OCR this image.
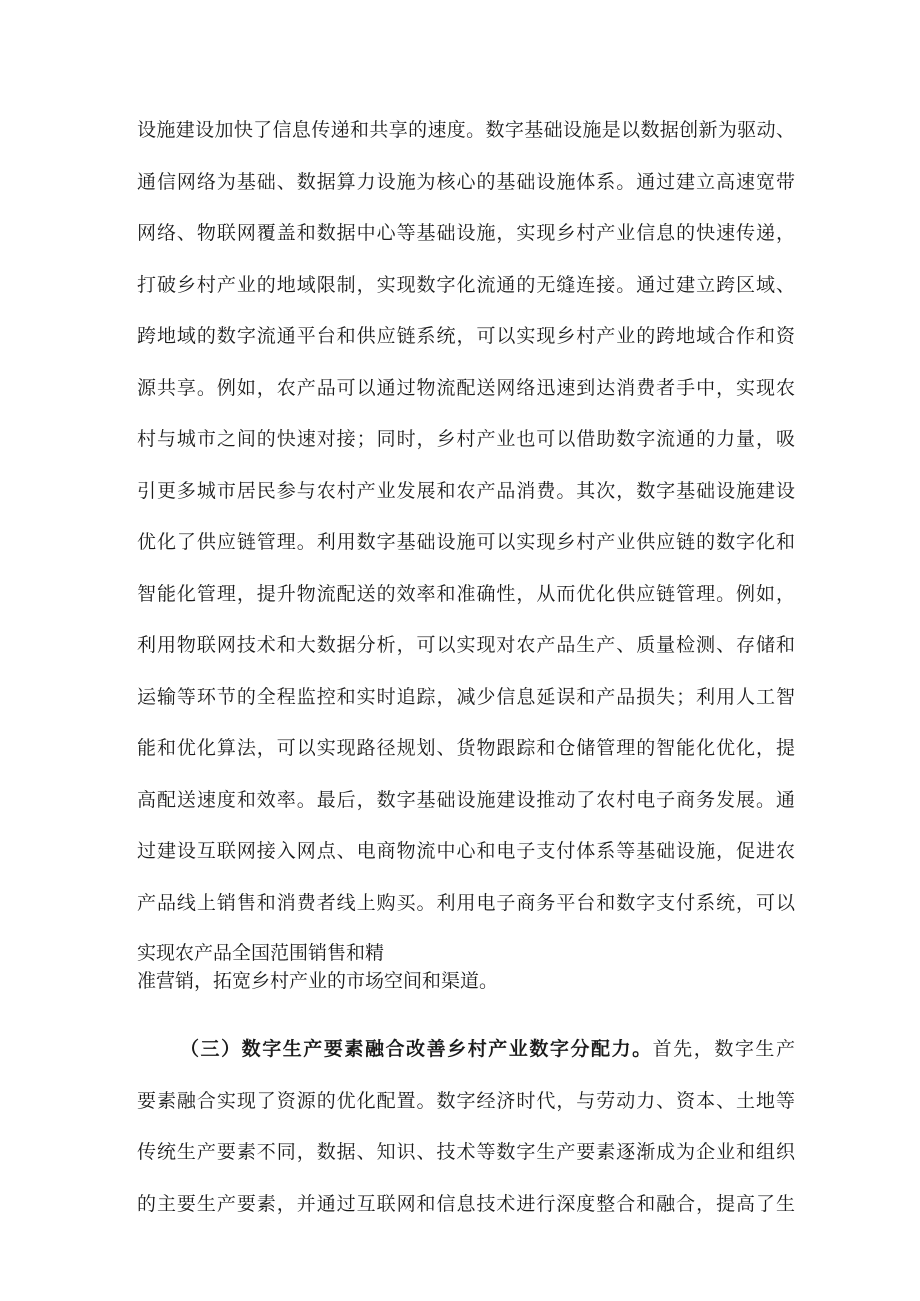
设施建设加快了信息传递和共享的速度。数字基础设施是以数据创新为驱动、
通信网络为基础、数据算力设施为核心的基础设施体系。通过建立高速宽带
网络、物联网覆盖和数据中心等基础设施，实现乡村产业信息的快速传递，
打破乡村产业的地域限制，实现数字化流通的无缝连接。通过建立跨区域、
跨地域的数字流通平台和供应链系统，可以实现乡村产业的跨地域合作和资
源共享。例如，农产品可以通过物流配送网络迅速到达消费者手中，实现农
村与城市之间的快速对接；同时，乡村产业也可以借助数字流通的力量，吸
引更多城市居民参与农村产业发展和农产品消费。其次，数字基础设施建设
优化了供应链管理。利用数字基础设施可以实现乡村产业供应链的数字化和
智能化管理，提升物流配送的效率和准确性，从而优化供应链管理。例如，
利用物联网技术和大数据分析，可以实现对农产品生产、质量检测、存储和
运输等环节的全程监控和实时追踪，减少信息延误和产品损失；利用人工智
能和优化算法，可以实现路径规划、货物跟踪和仓储管理的智能化优化，提
高配送速度和效率。最后，数字基础设施建设推动了农村电子商务发展。通
过建设互联网接入网点、电商物流中心和电子支付体系等基础设施，促进农
产品线上销售和消费者线上购买。利用电子商务平台和数字支付系统，可以
实现农产品全国范围销售和精
准营销，拓宽乡村产业的市场空间和渠道。
（三）数字生产要素融合改善乡村产业数字分配力。首先，数字生产
要素融合实现了资源的优化配置。数字经济时代，与劳动力、资本、土地等
传统生产要素不同，数据、知识、技术等数字生产要素逐渐成为企业和组织
的主要生产要素，并通过互联网和信息技术进行深度整合和融合，提高了生
